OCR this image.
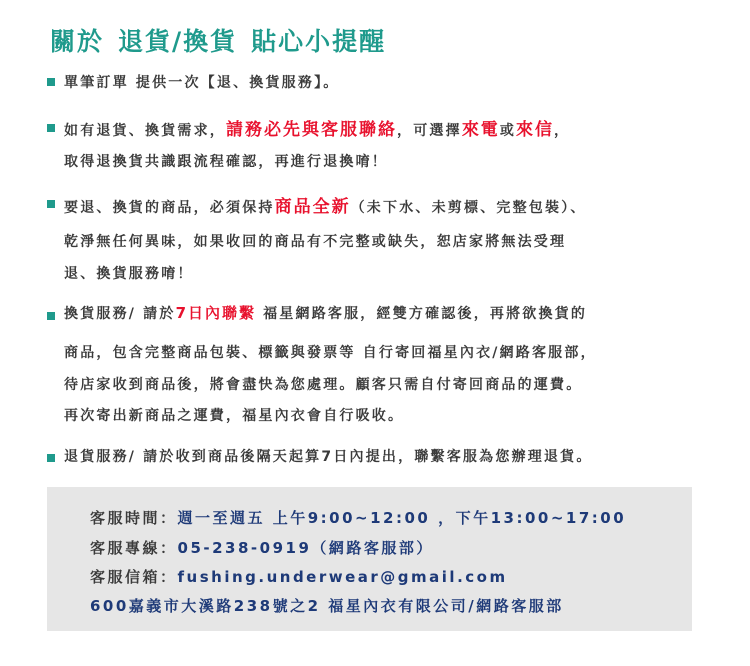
關於 退貨/換貨 貼心小提醒
單筆訂單 提供一次【退、換貨服務】。
如有退貨、換貨需求，請務必先與客服聯絡，可選擇來電或來信，
取得退換貨共識跟流程確認，再進行退換唷！
要退、換貨的商品，必須保持商品全新（未下水、未剪標、完整包裝）、
乾淨無任何異味，如果收回的商品有不完整或缺失，恕店家將無法受理
退、換貨服務唷！
換貨服務/ 請於7日內聯繫 福星網路客服，經雙方確認後，再將欲換貨的
商品，包含完整商品包裝、標籤與發票等 自行寄回福星內衣/網路客服部，
待店家收到商品後，將會盡快為您處理。顧客只需自付寄回商品的運費。
再次寄出新商品之運費，福星內衣會自行吸收。
退貨服務/ 請於收到商品後隔天起算7日內提出，聯繫客服為您辦理退貨。
客服時間：週一至週五 上午9:00~12:00 ，下午13:00~17:00
客服專線：05-238-0919（網路客服部）
客服信箱：fushing.underwear@gmail.com
600嘉義市大溪路238號之2 福星內衣有限公司/網路客服部
